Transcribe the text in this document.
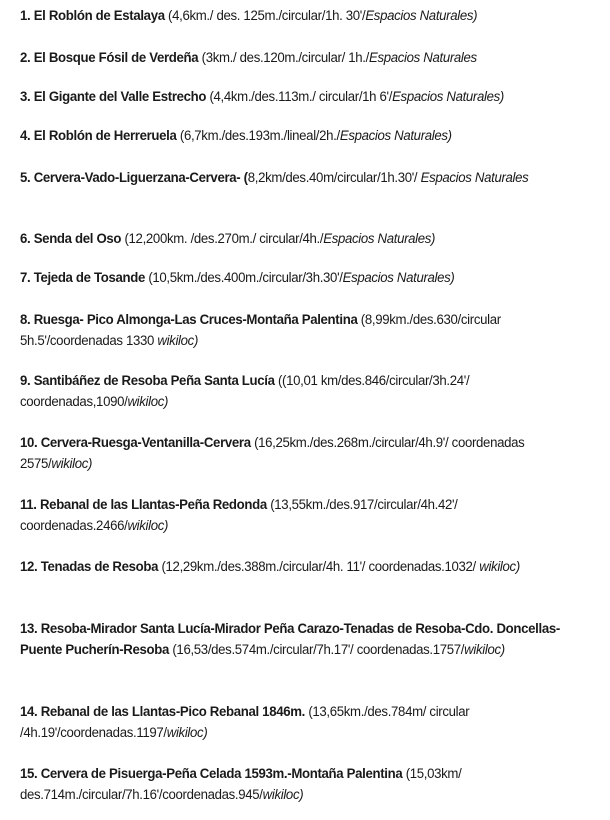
1. El Roblón de Estalaya (4,6km./ des. 125m./circular/1h. 30'/Espacios Naturales)

2. El Bosque Fósil de Verdeña (3km./ des.120m./circular/ 1h./Espacios Naturales

3. El Gigante del Valle Estrecho (4,4km./des.113m./ circular/1h 6'/Espacios Naturales)

4. El Roblón de Herreruela (6,7km./des.193m./lineal/2h./Espacios Naturales)

5. Cervera-Vado-Liguerzana-Cervera- (8,2km/des.40m/circular/1h.30'/ Espacios Naturales

6. Senda del Oso (12,200km. /des.270m./ circular/4h./Espacios Naturales)

7. Tejeda de Tosande (10,5km./des.400m./circular/3h.30'/Espacios Naturales)

8. Ruesga- Pico Almonga-Las Cruces-Montaña Palentina (8,99km./des.630/circular 5h.5'/coordenadas 1330 wikiloc)

9. Santibáñez de Resoba Peña Santa Lucía ((10,01 km/des.846/circular/3h.24'/ coordenadas,1090/wikiloc)

10. Cervera-Ruesga-Ventanilla-Cervera (16,25km./des.268m./circular/4h.9'/ coordenadas 2575/wikiloc)

11. Rebanal de las Llantas-Peña Redonda (13,55km./des.917/circular/4h.42'/ coordenadas.2466/wikiloc)

12. Tenadas de Resoba (12,29km./des.388m./circular/4h. 11'/ coordenadas.1032/ wikiloc)

13. Resoba-Mirador Santa Lucía-Mirador Peña Carazo-Tenadas de Resoba-Cdo. Doncellas-Puente Pucherín-Resoba (16,53/des.574m./circular/7h.17'/ coordenadas.1757/wikiloc)

14. Rebanal de las Llantas-Pico Rebanal 1846m. (13,65km./des.784m/ circular /4h.19'/coordenadas.1197/wikiloc)

15. Cervera de Pisuerga-Peña Celada 1593m.-Montaña Palentina (15,03km/ des.714m./circular/7h.16'/coordenadas.945/wikiloc)
